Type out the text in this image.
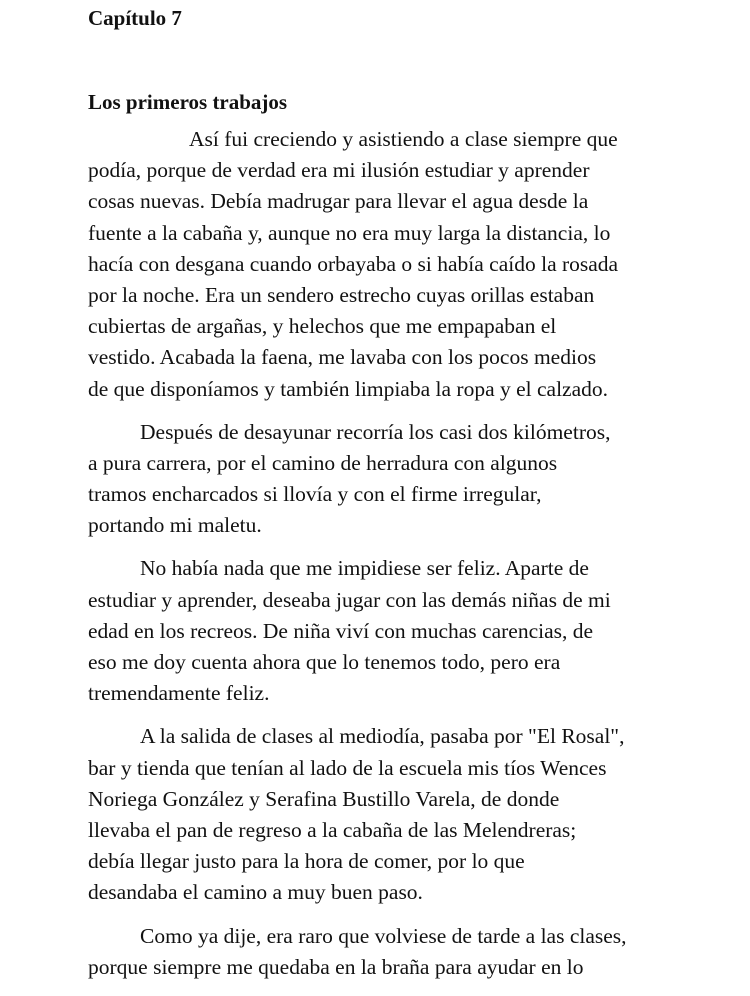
Capítulo 7
Los primeros trabajos
Así fui creciendo y asistiendo a clase siempre que
podía, porque de verdad era mi ilusión estudiar y aprender
cosas nuevas. Debía madrugar para llevar el agua desde la
fuente a la cabaña y, aunque no era muy larga la distancia, lo
hacía con desgana cuando orbayaba o si había caído la rosada
por la noche. Era un sendero estrecho cuyas orillas estaban
cubiertas de argañas, y helechos que me empapaban el
vestido. Acabada la faena, me lavaba con los pocos medios
de que disponíamos y también limpiaba la ropa y el calzado.
Después de desayunar recorría los casi dos kilómetros,
a pura carrera, por el camino de herradura con algunos
tramos encharcados si llovía y con el firme irregular,
portando mi maletu.
No había nada que me impidiese ser feliz. Aparte de
estudiar y aprender, deseaba jugar con las demás niñas de mi
edad en los recreos. De niña viví con muchas carencias, de
eso me doy cuenta ahora que lo tenemos todo, pero era
tremendamente feliz.
A la salida de clases al mediodía, pasaba por "El Rosal",
bar y tienda que tenían al lado de la escuela mis tíos Wences
Noriega González y Serafina Bustillo Varela, de donde
llevaba el pan de regreso a la cabaña de las Melendreras;
debía llegar justo para la hora de comer, por lo que
desandaba el camino a muy buen paso.
Como ya dije, era raro que volviese de tarde a las clases,
porque siempre me quedaba en la braña para ayudar en lo
